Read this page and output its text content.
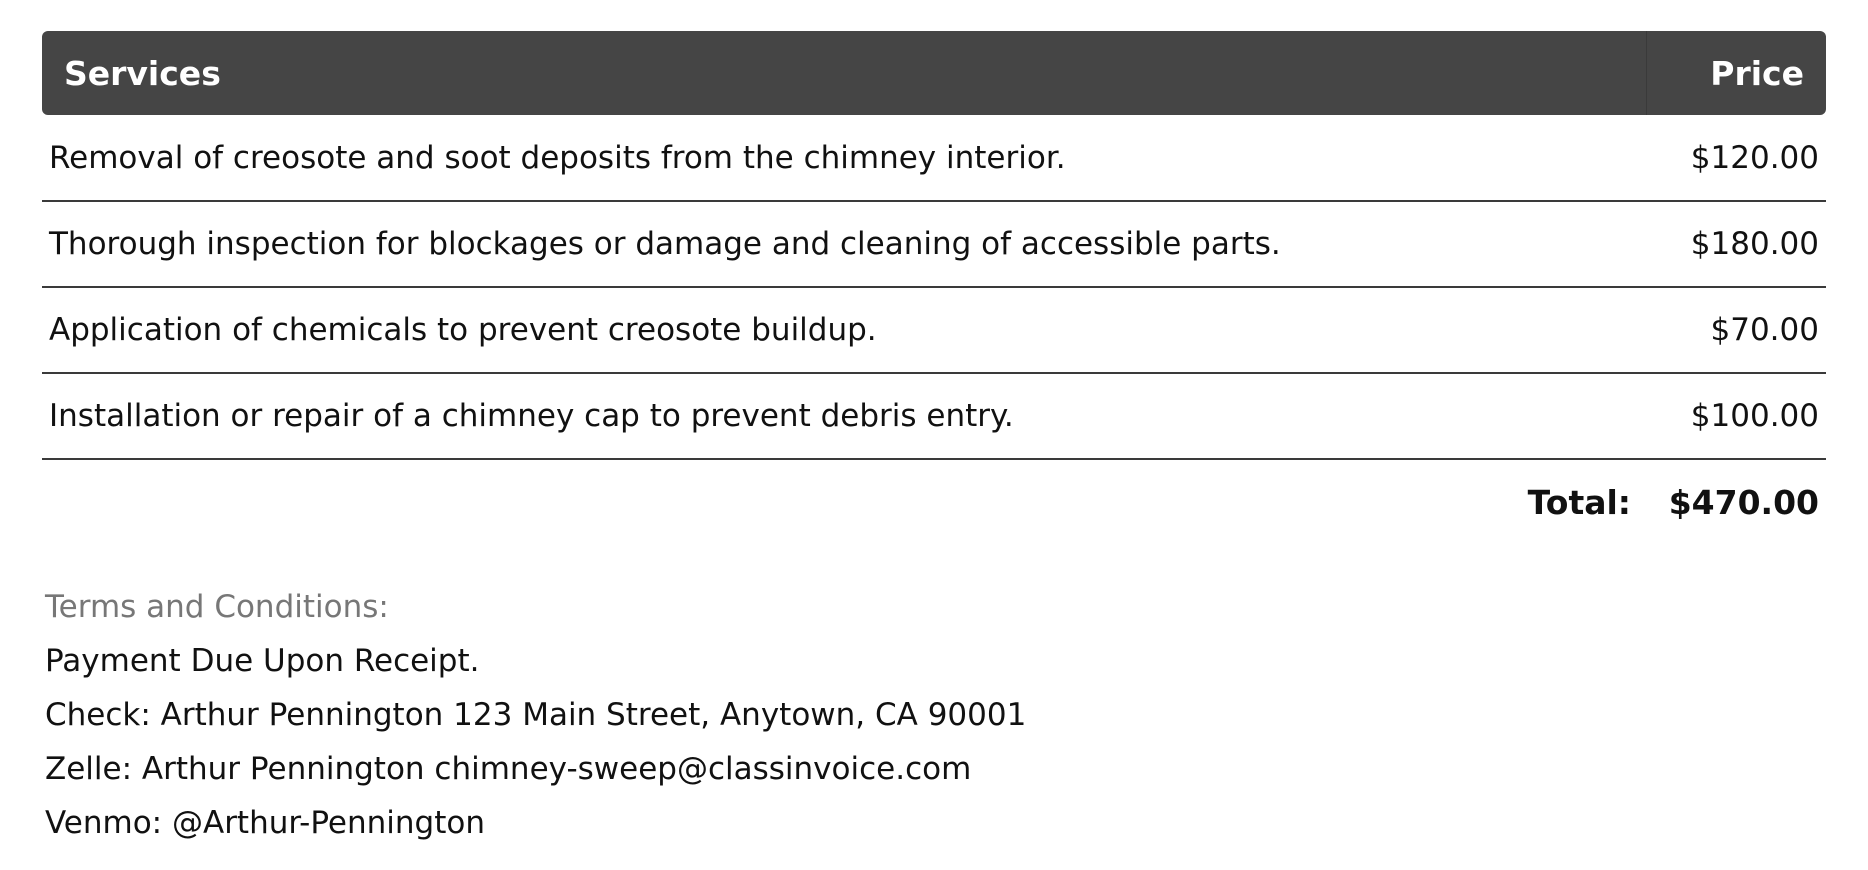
Services	Price
Removal of creosote and soot deposits from the chimney interior.	$120.00
Thorough inspection for blockages or damage and cleaning of accessible parts.	$180.00
Application of chemicals to prevent creosote buildup.	$70.00
Installation or repair of a chimney cap to prevent debris entry.	$100.00
Total:	$470.00
Terms and Conditions:
Payment Due Upon Receipt.
Check: Arthur Pennington 123 Main Street, Anytown, CA 90001
Zelle: Arthur Pennington chimney-sweep@classinvoice.com
Venmo: @Arthur-Pennington
